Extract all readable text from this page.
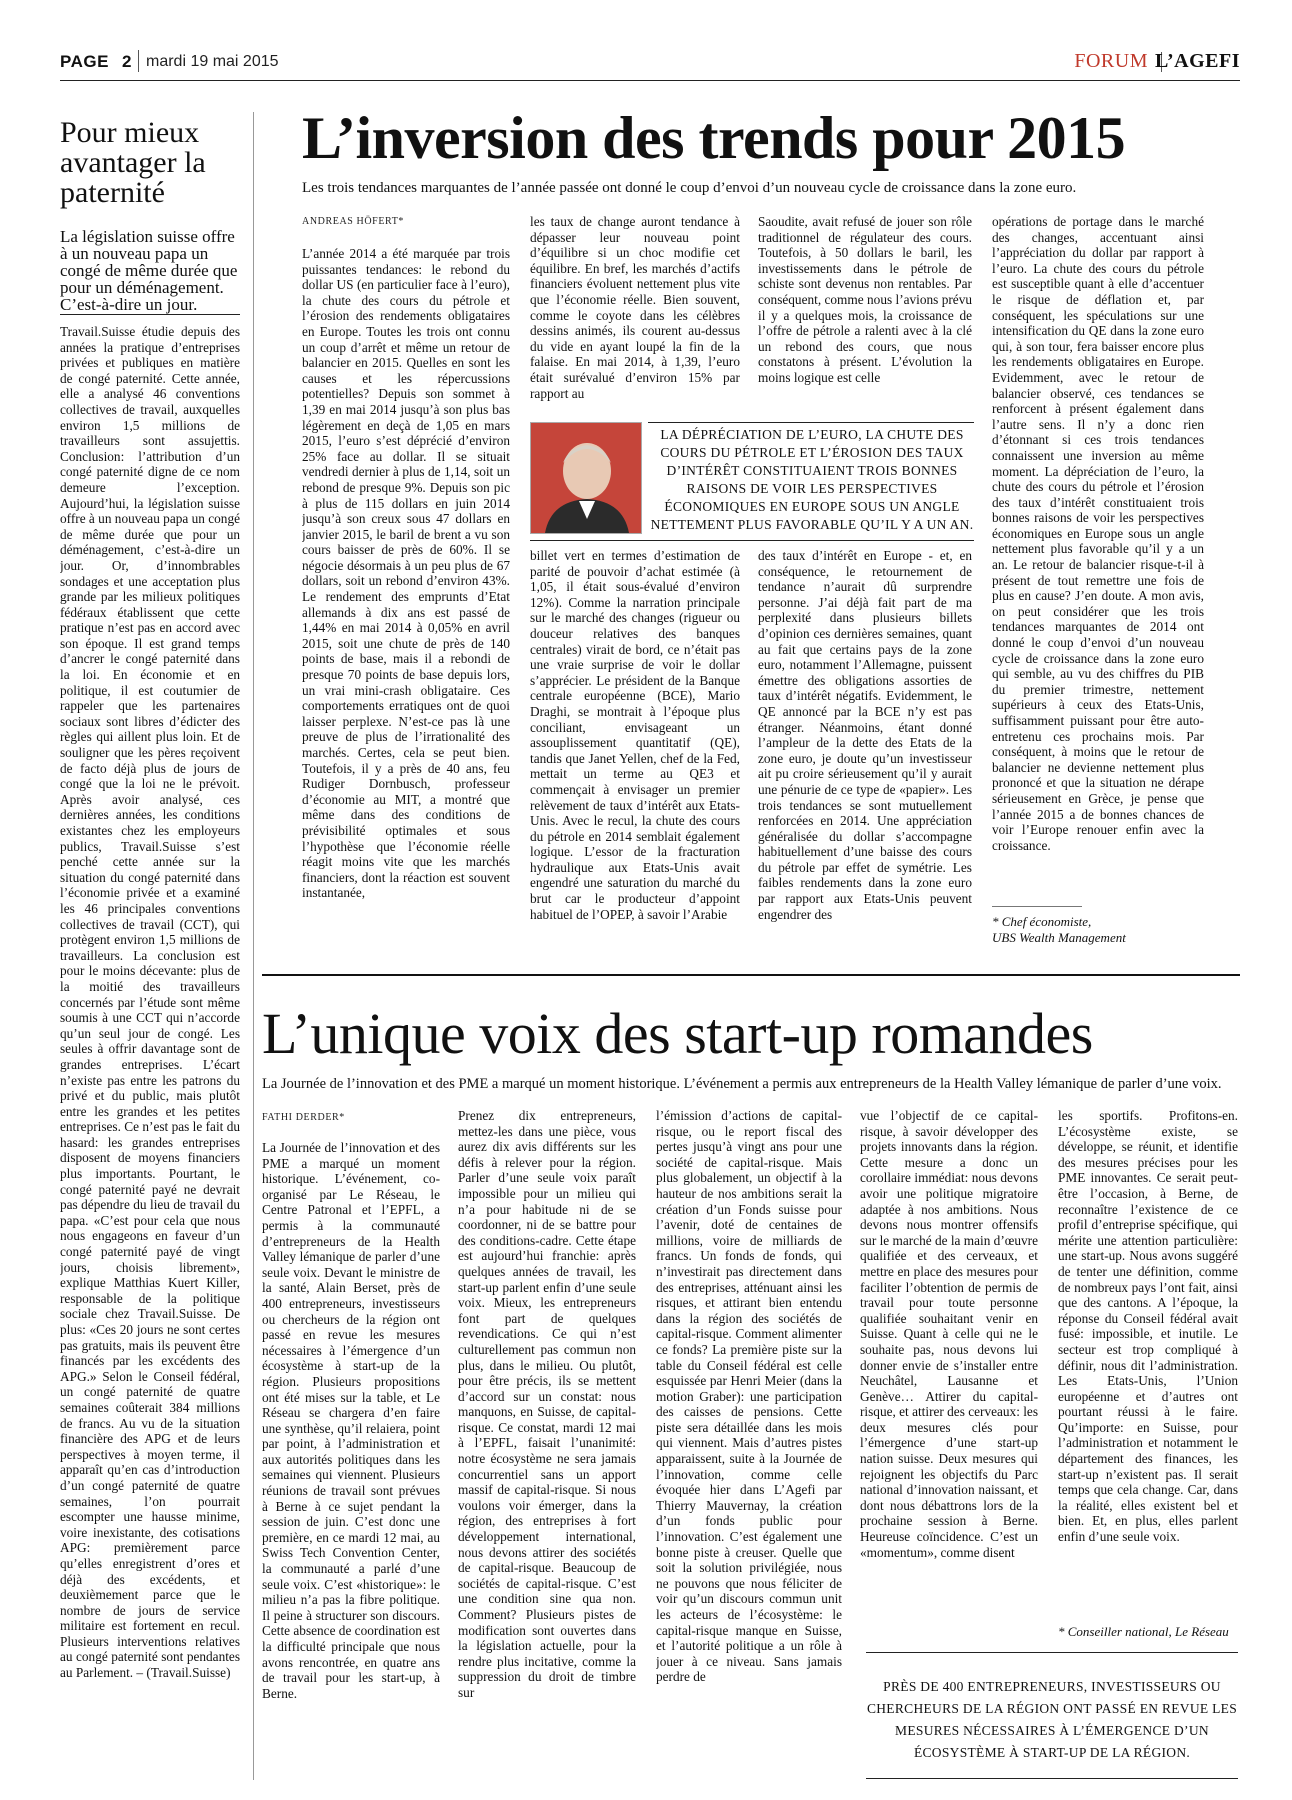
PAGE 2 mardi 19 mai 2015	FORUM L’AGEFI
Pour mieux avantager la paternité
La législation suisse offre à un nouveau papa un congé de même durée que pour un déménagement. C’est-à-dire un jour.

Travail.Suisse étudie depuis des années la pratique d’entreprises privées et publiques en matière de congé paternité. Cette année, elle a analysé 46 conventions collectives de travail, auxquelles environ 1,5 millions de travailleurs sont assujettis. Conclusion: l’attribution d’un congé paternité digne de ce nom demeure l’exception. Aujourd’hui, la législation suisse offre à un nouveau papa un congé de même durée que pour un déménagement, c’est-à-dire un jour. Or, d’innombrables sondages et une acceptation plus grande par les milieux politiques fédéraux établissent que cette pratique n’est pas en accord avec son époque. Il est grand temps d’ancrer le congé paternité dans la loi. En économie et en politique, il est coutumier de rappeler que les partenaires sociaux sont libres d’édicter des règles qui aillent plus loin. Et de souligner que les pères reçoivent de facto déjà plus de jours de congé que la loi ne le prévoit. Après avoir analysé, ces dernières années, les conditions existantes chez les employeurs publics, Travail.Suisse s’est penché cette année sur la situation du congé paternité dans l’économie privée et a examiné les 46 principales conventions collectives de travail (CCT), qui protègent environ 1,5 millions de travailleurs. La conclusion est pour le moins décevante: plus de la moitié des travailleurs concernés par l’étude sont même soumis à une CCT qui n’accorde qu’un seul jour de congé. Les seules à offrir davantage sont de grandes entreprises. L’écart n’existe pas entre les patrons du privé et du public, mais plutôt entre les grandes et les petites entreprises. Ce n’est pas le fait du hasard: les grandes entreprises disposent de moyens financiers plus importants. Pourtant, le congé paternité payé ne devrait pas dépendre du lieu de travail du papa. «C’est pour cela que nous nous engageons en faveur d’un congé paternité payé de vingt jours, choisis librement», explique Matthias Kuert Killer, responsable de la politique sociale chez Travail.Suisse. De plus: «Ces 20 jours ne sont certes pas gratuits, mais ils peuvent être financés par les excédents des APG.» Selon le Conseil fédéral, un congé paternité de quatre semaines coûterait 384 millions de francs. Au vu de la situation financière des APG et de leurs perspectives à moyen terme, il apparaît qu’en cas d’introduction d’un congé paternité de quatre semaines, l’on pourrait escompter une hausse minime, voire inexistante, des cotisations APG: premièrement parce qu’elles enregistrent d’ores et déjà des excédents, et deuxièmement parce que le nombre de jours de service militaire est fortement en recul. Plusieurs interventions relatives au congé paternité sont pendantes au Parlement. – (Travail.Suisse)

L’inversion des trends pour 2015
Les trois tendances marquantes de l’année passée ont donné le coup d’envoi d’un nouveau cycle de croissance dans la zone euro.
ANDREAS HÖFERT*

L’année 2014 a été marquée par trois puissantes tendances: le rebond du dollar US (en particulier face à l’euro), la chute des cours du pétrole et l’érosion des rendements obligataires en Europe. Toutes les trois ont connu un coup d’arrêt et même un retour de balancier en 2015. Quelles en sont les causes et les répercussions potentielles? Depuis son sommet à 1,39 en mai 2014 jusqu’à son plus bas légèrement en deçà de 1,05 en mars 2015, l’euro s’est déprécié d’environ 25% face au dollar. Il se situait vendredi dernier à plus de 1,14, soit un rebond de presque 9%. Depuis son pic à plus de 115 dollars en juin 2014 jusqu’à son creux sous 47 dollars en janvier 2015, le baril de brent a vu son cours baisser de près de 60%. Il se négocie désormais à un peu plus de 67 dollars, soit un rebond d’environ 43%. Le rendement des emprunts d’Etat allemands à dix ans est passé de 1,44% en mai 2014 à 0,05% en avril 2015, soit une chute de près de 140 points de base, mais il a rebondi de presque 70 points de base depuis lors, un vrai mini-crash obligataire. Ces comportements erratiques ont de quoi laisser perplexe. N’est-ce pas là une preuve de plus de l’irrationalité des marchés. Certes, cela se peut bien. Toutefois, il y a près de 40 ans, feu Rudiger Dornbusch, professeur d’économie au MIT, a montré que même dans des conditions de prévisibilité optimales et sous l’hypothèse que l’économie réelle réagit moins vite que les marchés financiers, dont la réaction est souvent instantanée,

les taux de change auront tendance à dépasser leur nouveau point d’équilibre si un choc modifie cet équilibre. En bref, les marchés d’actifs financiers évoluent nettement plus vite que l’économie réelle. Bien souvent, comme le coyote dans les célèbres dessins animés, ils courent au-dessus du vide en ayant loupé la fin de la falaise. En mai 2014, à 1,39, l’euro était surévalué d’environ 15% par rapport au

Saoudite, avait refusé de jouer son rôle traditionnel de régulateur des cours. Toutefois, à 50 dollars le baril, les investissements dans le pétrole de schiste sont devenus non rentables. Par conséquent, comme nous l’avions prévu il y a quelques mois, la croissance de l’offre de pétrole a ralenti avec à la clé un rebond des cours, que nous constatons à présent. L’évolution la moins logique est celle

LA DÉPRÉCIATION DE L’EURO, LA CHUTE DES COURS DU PÉTROLE ET L’ÉROSION DES TAUX D’INTÉRÊT CONSTITUAIENT TROIS BONNES RAISONS DE VOIR LES PERSPECTIVES ÉCONOMIQUES EN EUROPE SOUS UN ANGLE NETTEMENT PLUS FAVORABLE QU’IL Y A UN AN.

billet vert en termes d’estimation de parité de pouvoir d’achat estimée (à 1,05, il était sous-évalué d’environ 12%). Comme la narration principale sur le marché des changes (rigueur ou douceur relatives des banques centrales) virait de bord, ce n’était pas une vraie surprise de voir le dollar s’apprécier. Le président de la Banque centrale européenne (BCE), Mario Draghi, se montrait à l’époque plus conciliant, envisageant un assouplissement quantitatif (QE), tandis que Janet Yellen, chef de la Fed, mettait un terme au QE3 et commençait à envisager un premier relèvement de taux d’intérêt aux Etats-Unis. Avec le recul, la chute des cours du pétrole en 2014 semblait également logique. L’essor de la fracturation hydraulique aux Etats-Unis avait engendré une saturation du marché du brut car le producteur d’appoint habituel de l’OPEP, à savoir l’Arabie

des taux d’intérêt en Europe - et, en conséquence, le retournement de tendance n’aurait dû surprendre personne. J’ai déjà fait part de ma perplexité dans plusieurs billets d’opinion ces dernières semaines, quant au fait que certains pays de la zone euro, notamment l’Allemagne, puissent émettre des obligations assorties de taux d’intérêt négatifs. Evidemment, le QE annoncé par la BCE n’y est pas étranger. Néanmoins, étant donné l’ampleur de la dette des Etats de la zone euro, je doute qu’un investisseur ait pu croire sérieusement qu’il y aurait une pénurie de ce type de «papier». Les trois tendances se sont mutuellement renforcées en 2014. Une appréciation généralisée du dollar s’accompagne habituellement d’une baisse des cours du pétrole par effet de symétrie. Les faibles rendements dans la zone euro par rapport aux Etats-Unis peuvent engendrer des

opérations de portage dans le marché des changes, accentuant ainsi l’appréciation du dollar par rapport à l’euro. La chute des cours du pétrole est susceptible quant à elle d’accentuer le risque de déflation et, par conséquent, les spéculations sur une intensification du QE dans la zone euro qui, à son tour, fera baisser encore plus les rendements obligataires en Europe. Evidemment, avec le retour de balancier observé, ces tendances se renforcent à présent également dans l’autre sens. Il n’y a donc rien d’étonnant si ces trois tendances connaissent une inversion au même moment. La dépréciation de l’euro, la chute des cours du pétrole et l’érosion des taux d’intérêt constituaient trois bonnes raisons de voir les perspectives économiques en Europe sous un angle nettement plus favorable qu’il y a un an. Le retour de balancier risque-t-il à présent de tout remettre une fois de plus en cause? J’en doute. A mon avis, on peut considérer que les trois tendances marquantes de 2014 ont donné le coup d’envoi d’un nouveau cycle de croissance dans la zone euro qui semble, au vu des chiffres du PIB du premier trimestre, nettement supérieurs à ceux des Etats-Unis, suffisamment puissant pour être auto-entretenu ces prochains mois. Par conséquent, à moins que le retour de balancier ne devienne nettement plus prononcé et que la situation ne dérape sérieusement en Grèce, je pense que l’année 2015 a de bonnes chances de voir l’Europe renouer enfin avec la croissance.

* Chef économiste,
UBS Wealth Management
L’unique voix des start-up romandes
La Journée de l’innovation et des PME a marqué un moment historique. L’événement a permis aux entrepreneurs de la Health Valley lémanique de parler d’une voix.
FATHI DERDER*

La Journée de l’innovation et des PME a marqué un moment historique. L’événement, co-organisé par Le Réseau, le Centre Patronal et l’EPFL, a permis à la communauté d’entrepreneurs de la Health Valley lémanique de parler d’une seule voix. Devant le ministre de la santé, Alain Berset, près de 400 entrepreneurs, investisseurs ou chercheurs de la région ont passé en revue les mesures nécessaires à l’émergence d’un écosystème à start-up de la région. Plusieurs propositions ont été mises sur la table, et Le Réseau se chargera d’en faire une synthèse, qu’il relaiera, point par point, à l’administration et aux autorités politiques dans les semaines qui viennent. Plusieurs réunions de travail sont prévues à Berne à ce sujet pendant la session de juin. C’est donc une première, en ce mardi 12 mai, au Swiss Tech Convention Center, la communauté a parlé d’une seule voix. C’est «historique»: le milieu n’a pas la fibre politique. Il peine à structurer son discours. Cette absence de coordination est la difficulté principale que nous avons rencontrée, en quatre ans de travail pour les start-up, à Berne.

Prenez dix entrepreneurs, mettez-les dans une pièce, vous aurez dix avis différents sur les défis à relever pour la région. Parler d’une seule voix paraît impossible pour un milieu qui n’a pour habitude ni de se coordonner, ni de se battre pour des conditions-cadre. Cette étape est aujourd’hui franchie: après quelques années de travail, les start-up parlent enfin d’une seule voix. Mieux, les entrepreneurs font part de quelques revendications. Ce qui n’est culturellement pas commun non plus, dans le milieu. Ou plutôt, pour être précis, ils se mettent d’accord sur un constat: nous manquons, en Suisse, de capital-risque. Ce constat, mardi 12 mai à l’EPFL, faisait l’unanimité: notre écosystème ne sera jamais concurrentiel sans un apport massif de capital-risque. Si nous voulons voir émerger, dans la région, des entreprises à fort développement international, nous devons attirer des sociétés de capital-risque. Beaucoup de sociétés de capital-risque. C’est une condition sine qua non. Comment? Plusieurs pistes de modification sont ouvertes dans la législation actuelle, pour la rendre plus incitative, comme la suppression du droit de timbre sur

l’émission d’actions de capital-risque, ou le report fiscal des pertes jusqu’à vingt ans pour une société de capital-risque. Mais plus globalement, un objectif à la hauteur de nos ambitions serait la création d’un Fonds suisse pour l’avenir, doté de centaines de millions, voire de milliards de francs. Un fonds de fonds, qui n’investirait pas directement dans des entreprises, atténuant ainsi les risques, et attirant bien entendu dans la région des sociétés de capital-risque. Comment alimenter ce fonds? La première piste sur la table du Conseil fédéral est celle esquissée par Henri Meier (dans la motion Graber): une participation des caisses de pensions. Cette piste sera détaillée dans les mois qui viennent. Mais d’autres pistes apparaissent, suite à la Journée de l’innovation, comme celle évoquée hier dans L’Agefi par Thierry Mauvernay, la création d’un fonds public pour l’innovation. C’est également une bonne piste à creuser. Quelle que soit la solution privilégiée, nous ne pouvons que nous féliciter de voir qu’un discours commun unit les acteurs de l’écosystème: le capital-risque manque en Suisse, et l’autorité politique a un rôle à jouer à ce niveau. Sans jamais perdre de

vue l’objectif de ce capital-risque, à savoir développer des projets innovants dans la région. Cette mesure a donc un corollaire immédiat: nous devons avoir une politique migratoire adaptée à nos ambitions. Nous devons nous montrer offensifs sur le marché de la main d’œuvre qualifiée et des cerveaux, et mettre en place des mesures pour faciliter l’obtention de permis de travail pour toute personne qualifiée souhaitant venir en Suisse. Quant à celle qui ne le souhaite pas, nous devons lui donner envie de s’installer entre Neuchâtel, Lausanne et Genève… Attirer du capital-risque, et attirer des cerveaux: les deux mesures clés pour l’émergence d’une start-up nation suisse. Deux mesures qui rejoignent les objectifs du Parc national d’innovation naissant, et dont nous débattrons lors de la prochaine session à Berne. Heureuse coïncidence. C’est un «momentum», comme disent

les sportifs. Profitons-en. L’écosystème existe, se développe, se réunit, et identifie des mesures précises pour les PME innovantes. Ce serait peut-être l’occasion, à Berne, de reconnaître l’existence de ce profil d’entreprise spécifique, qui mérite une attention particulière: une start-up. Nous avons suggéré de tenter une définition, comme de nombreux pays l’ont fait, ainsi que des cantons. A l’époque, la réponse du Conseil fédéral avait fusé: impossible, et inutile. Le secteur est trop compliqué à définir, nous dit l’administration. Les Etats-Unis, l’Union européenne et d’autres ont pourtant réussi à le faire. Qu’importe: en Suisse, pour l’administration et notamment le département des finances, les start-up n’existent pas. Il serait temps que cela change. Car, dans la réalité, elles existent bel et bien. Et, en plus, elles parlent enfin d’une seule voix.

* Conseiller national, Le Réseau
PRÈS DE 400 ENTREPRENEURS, INVESTISSEURS OU CHERCHEURS DE LA RÉGION ONT PASSÉ EN REVUE LES MESURES NÉCESSAIRES À L’ÉMERGENCE D’UN ÉCOSYSTÈME À START-UP DE LA RÉGION.
